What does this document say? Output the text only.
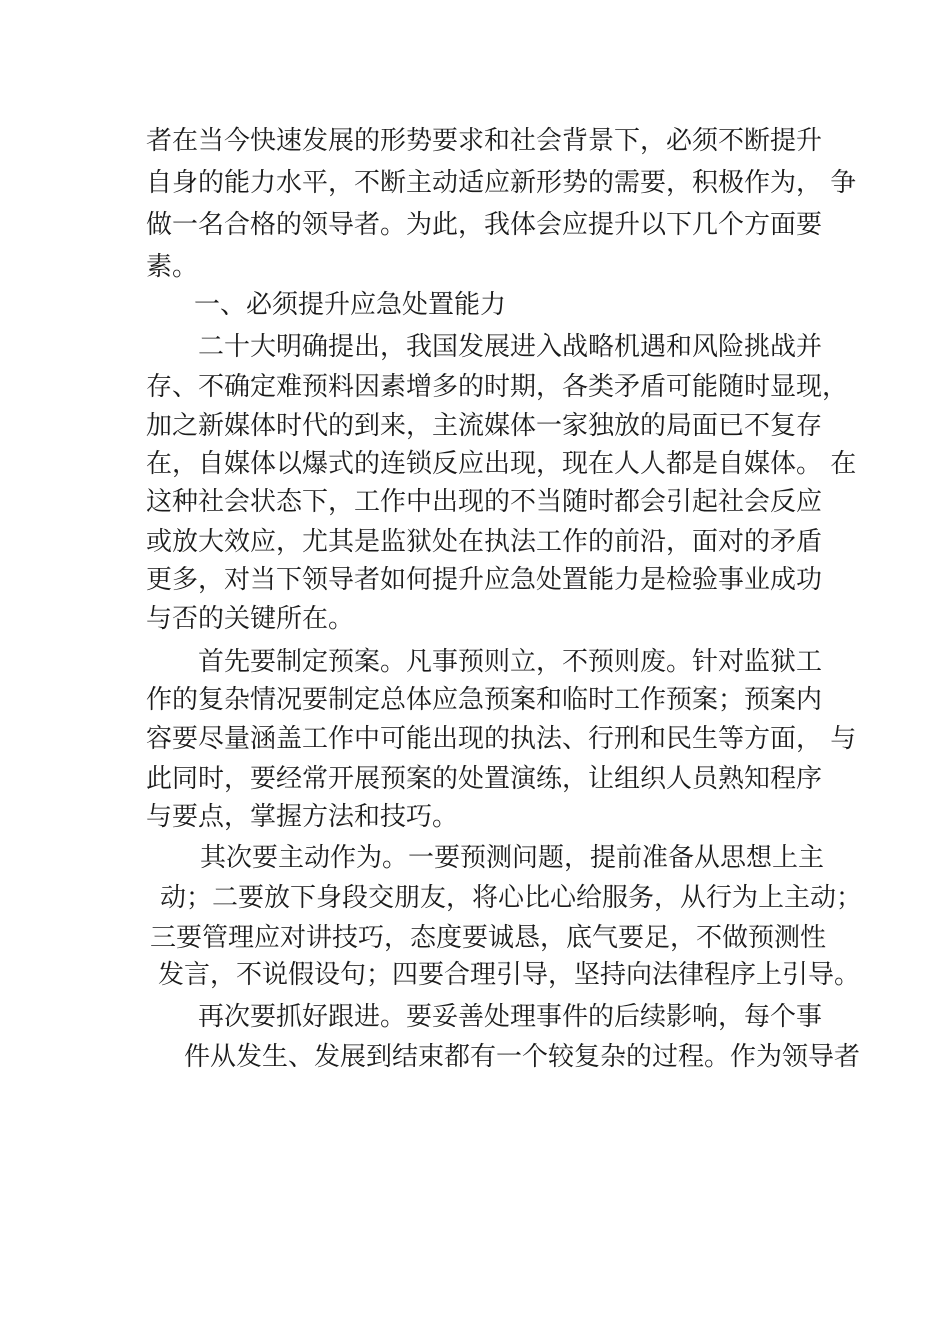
者在当今快速发展的形势要求和社会背景下，必须不断提升
自身的能力水平，不断主动适应新形势的需要，积极作为， 争
做一名合格的领导者。为此，我体会应提升以下几个方面要
素。
一、必须提升应急处置能力
二十大明确提出，我国发展进入战略机遇和风险挑战并
存、不确定难预料因素增多的时期，各类矛盾可能随时显现，
加之新媒体时代的到来，主流媒体一家独放的局面已不复存
在，自媒体以爆式的连锁反应出现，现在人人都是自媒体。 在
这种社会状态下，工作中出现的不当随时都会引起社会反应
或放大效应，尤其是监狱处在执法工作的前沿，面对的矛盾
更多，对当下领导者如何提升应急处置能力是检验事业成功
与否的关键所在。
首先要制定预案。凡事预则立，不预则废。针对监狱工
作的复杂情况要制定总体应急预案和临时工作预案；预案内
容要尽量涵盖工作中可能出现的执法、行刑和民生等方面， 与
此同时，要经常开展预案的处置演练，让组织人员熟知程序
与要点，掌握方法和技巧。
其次要主动作为。一要预测问题，提前准备从思想上主
动；二要放下身段交朋友，将心比心给服务，从行为上主动；
三要管理应对讲技巧，态度要诚恳，底气要足，不做预测性
发言，不说假设句；四要合理引导，坚持向法律程序上引导。
再次要抓好跟进。要妥善处理事件的后续影响，每个事
件从发生、发展到结束都有一个较复杂的过程。作为领导者
